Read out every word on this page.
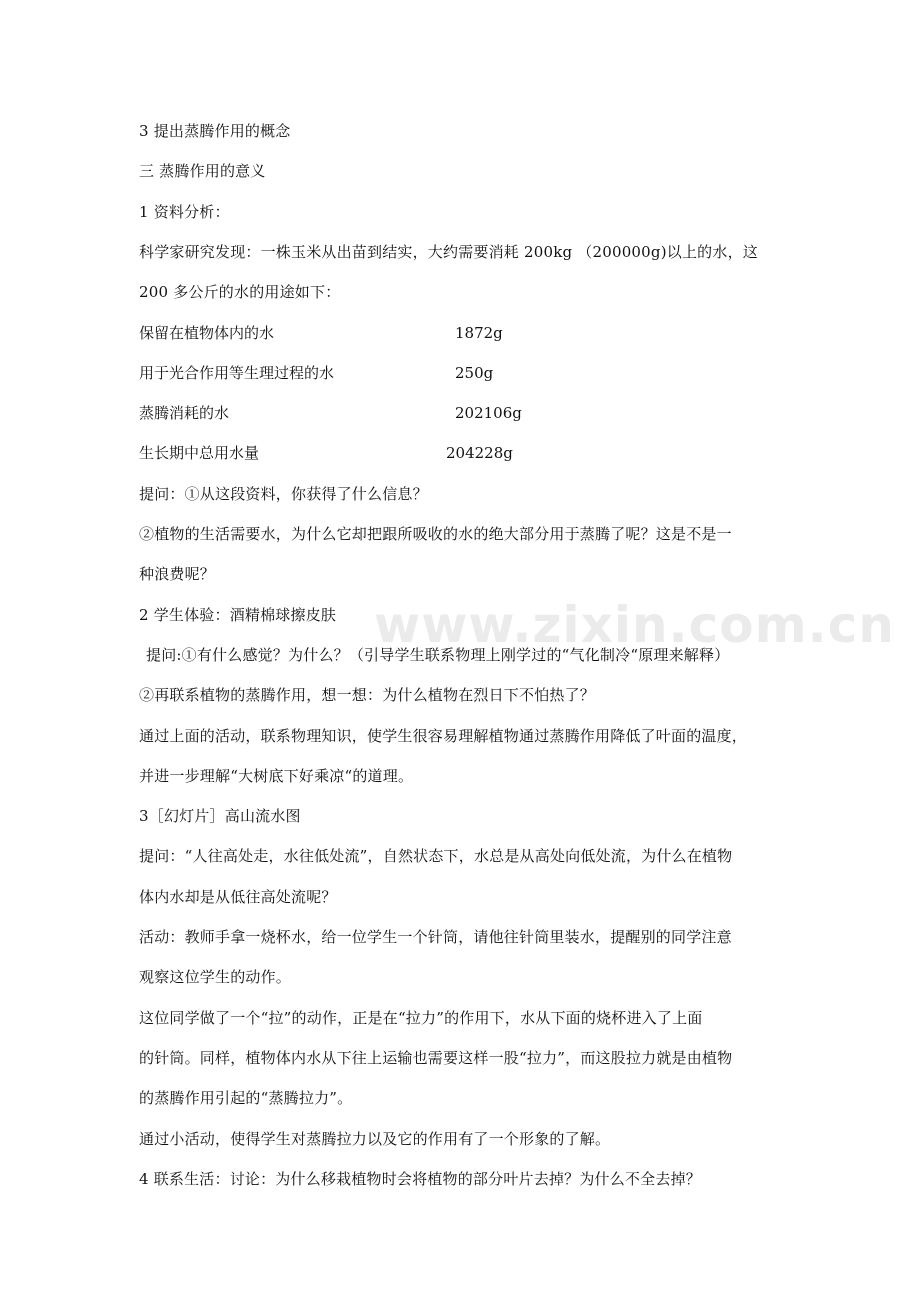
www.zixin.com.cn
3 提出蒸腾作用的概念
三 蒸腾作用的意义
1 资料分析：
科学家研究发现：一株玉米从出苗到结实，大约需要消耗 200kg （200000g)以上的水，这
200 多公斤的水的用途如下：
保留在植物体内的水	1872g
用于光合作用等生理过程的水	250g
蒸腾消耗的水	202106g
生长期中总用水量	204228g
提问：①从这段资料，你获得了什么信息？
②植物的生活需要水，为什么它却把跟所吸收的水的绝大部分用于蒸腾了呢？这是不是一
种浪费呢？
2 学生体验：酒精棉球擦皮肤
提问:①有什么感觉？为什么？（引导学生联系物理上刚学过的“气化制冷“原理来解释）
②再联系植物的蒸腾作用，想一想：为什么植物在烈日下不怕热了？
通过上面的活动，联系物理知识，使学生很容易理解植物通过蒸腾作用降低了叶面的温度，
并进一步理解“大树底下好乘凉“的道理。
3［幻灯片］高山流水图
提问：“人往高处走，水往低处流”，自然状态下，水总是从高处向低处流，为什么在植物
体内水却是从低往高处流呢？
活动：教师手拿一烧杯水，给一位学生一个针筒，请他往针筒里装水，提醒别的同学注意
观察这位学生的动作。
这位同学做了一个“拉”的动作，正是在“拉力”的作用下，水从下面的烧杯进入了上面
的针筒。同样，植物体内水从下往上运输也需要这样一股“拉力”，而这股拉力就是由植物
的蒸腾作用引起的“蒸腾拉力”。
通过小活动，使得学生对蒸腾拉力以及它的作用有了一个形象的了解。
4 联系生活：讨论：为什么移栽植物时会将植物的部分叶片去掉？为什么不全去掉？
